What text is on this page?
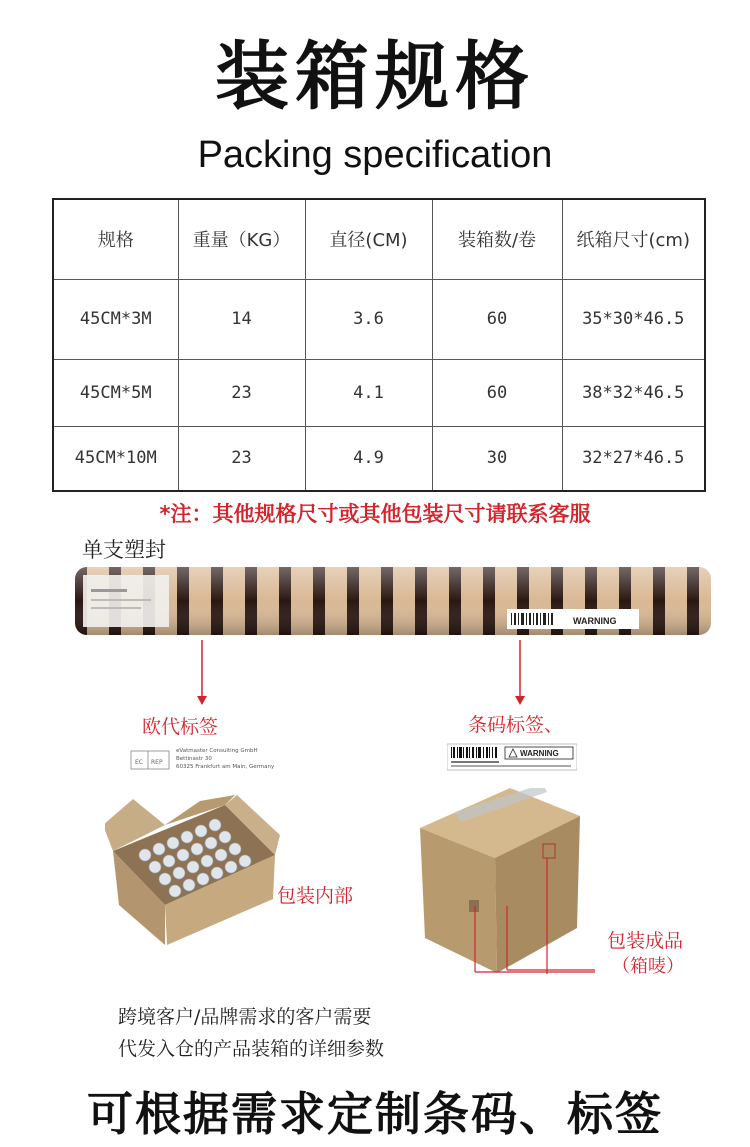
装箱规格
Packing specification
规格	重量（KG）	直径(CM)	装箱数/卷	纸箱尺寸(cm)
45CM*3M	14	3.6	60	35*30*46.5
45CM*5M	23	4.1	60	38*32*46.5
45CM*10M	23	4.9	30	32*27*46.5
*注：其他规格尺寸或其他包装尺寸请联系客服
单支塑封
WARNING
欧代标签	条码标签、
EC REP
eVatmaster Consulting GmbH
Bettinastr 30
60325 Frankfurt am Main, Germany
WARNING
包装内部
包装成品
（箱唛）
跨境客户/品牌需求的客户需要
代发入仓的产品装箱的详细参数
可根据需求定制条码、标签
